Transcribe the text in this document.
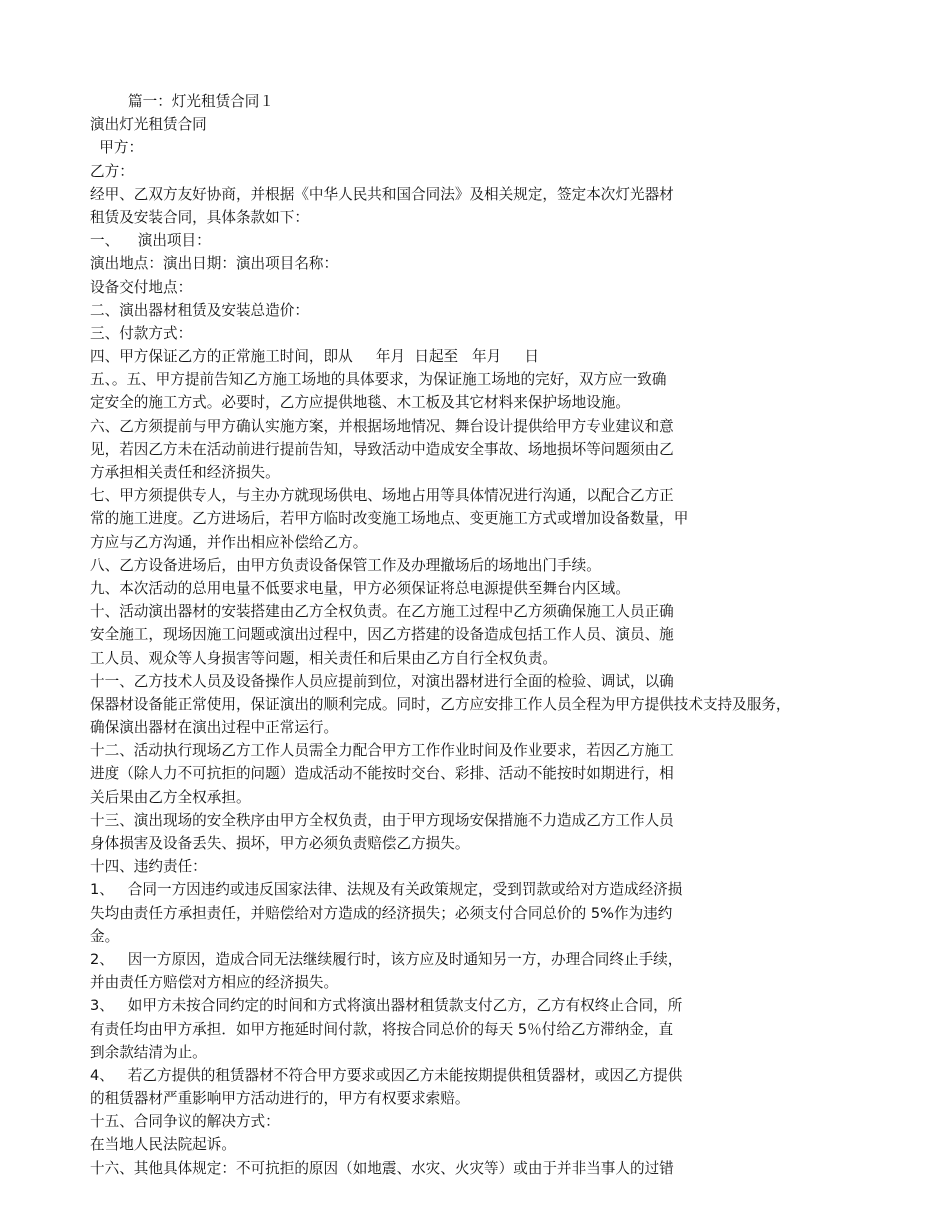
篇一：灯光租赁合同１
演出灯光租赁合同
甲方：
乙方：
经甲、乙双方友好协商，并根据《中华人民共和国合同法》及相关规定，签定本次灯光器材
租赁及安装合同，具体条款如下：
一、    演出项目：
演出地点：演出日期：演出项目名称：
设备交付地点：
二、演出器材租赁及安装总造价：
三、付款方式：
四、甲方保证乙方的正常施工时间，即从     年月  日起至   年月     日
五、。五、甲方提前告知乙方施工场地的具体要求，为保证施工场地的完好，双方应一致确
定安全的施工方式。必要时，乙方应提供地毯、木工板及其它材料来保护场地设施。
六、乙方须提前与甲方确认实施方案，并根据场地情况、舞台设计提供给甲方专业建议和意
见，若因乙方未在活动前进行提前告知，导致活动中造成安全事故、场地损坏等问题须由乙
方承担相关责任和经济损失。
七、甲方须提供专人，与主办方就现场供电、场地占用等具体情况进行沟通，以配合乙方正
常的施工进度。乙方进场后，若甲方临时改变施工场地点、变更施工方式或增加设备数量，甲
方应与乙方沟通，并作出相应补偿给乙方。
八、乙方设备进场后，由甲方负责设备保管工作及办理撤场后的场地出门手续。
九、本次活动的总用电量不低要求电量，甲方必须保证将总电源提供至舞台内区域。
十、活动演出器材的安装搭建由乙方全权负责。在乙方施工过程中乙方须确保施工人员正确
安全施工，现场因施工问题或演出过程中，因乙方搭建的设备造成包括工作人员、演员、施
工人员、观众等人身损害等问题，相关责任和后果由乙方自行全权负责。
十一、乙方技术人员及设备操作人员应提前到位，对演出器材进行全面的检验、调试，以确
保器材设备能正常使用，保证演出的顺利完成。同时，乙方应安排工作人员全程为甲方提供技术支持及服务，
确保演出器材在演出过程中正常运行。
十二、活动执行现场乙方工作人员需全力配合甲方工作作业时间及作业要求，若因乙方施工
进度（除人力不可抗拒的问题）造成活动不能按时交台、彩排、活动不能按时如期进行，相
关后果由乙方全权承担。
十三、演出现场的安全秩序由甲方全权负责，由于甲方现场安保措施不力造成乙方工作人员
身体损害及设备丢失、损坏，甲方必须负责赔偿乙方损失。
十四、违约责任：
1、   合同一方因违约或违反国家法律、法规及有关政策规定，受到罚款或给对方造成经济损
失均由责任方承担责任，并赔偿给对方造成的经济损失；必须支付合同总价的 5%作为违约
金。
2、   因一方原因，造成合同无法继续履行时，该方应及时通知另一方，办理合同终止手续，
并由责任方赔偿对方相应的经济损失。
3、   如甲方未按合同约定的时间和方式将演出器材租赁款支付乙方，乙方有权终止合同，所
有责任均由甲方承担．如甲方拖延时间付款，将按合同总价的每天 5％付给乙方滞纳金，直
到余款结清为止。
4、   若乙方提供的租赁器材不符合甲方要求或因乙方未能按期提供租赁器材，或因乙方提供
的租赁器材严重影响甲方活动进行的，甲方有权要求索赔。
十五、合同争议的解决方式：
在当地人民法院起诉。
十六、其他具体规定：不可抗拒的原因（如地震、水灾、火灾等）或由于并非当事人的过错
